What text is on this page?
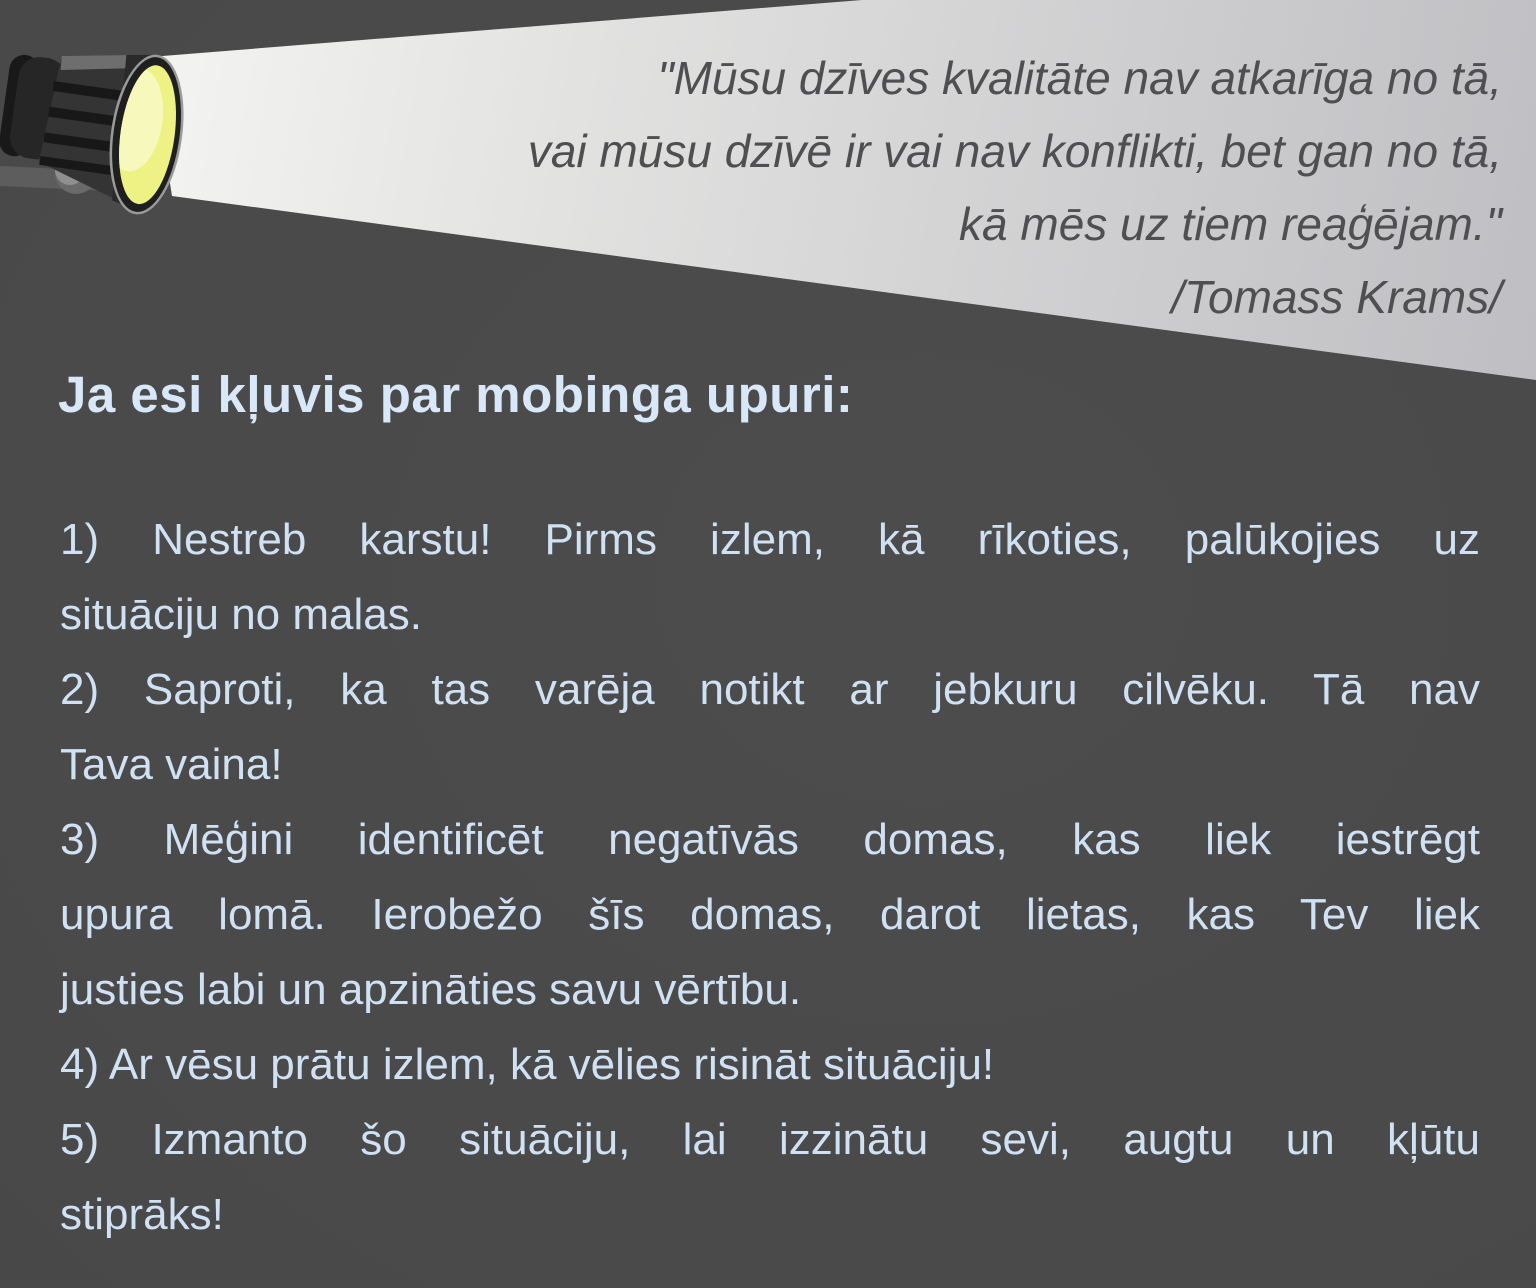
"Mūsu dzīves kvalitāte nav atkarīga no tā,
vai mūsu dzīvē ir vai nav konflikti, bet gan no tā,
kā mēs uz tiem reaģējam."
/Tomass Krams/
Ja esi kļuvis par mobinga upuri:
1) Nestreb karstu! Pirms izlem, kā rīkoties, palūkojies uz
situāciju no malas.
2) Saproti, ka tas varēja notikt ar jebkuru cilvēku. Tā nav
Tava vaina!
3) Mēģini identificēt negatīvās domas, kas liek iestrēgt
upura lomā. Ierobežo šīs domas, darot lietas, kas Tev liek
justies labi un apzināties savu vērtību.
4) Ar vēsu prātu izlem, kā vēlies risināt situāciju!
5) Izmanto šo situāciju, lai izzinātu sevi, augtu un kļūtu
stiprāks!
